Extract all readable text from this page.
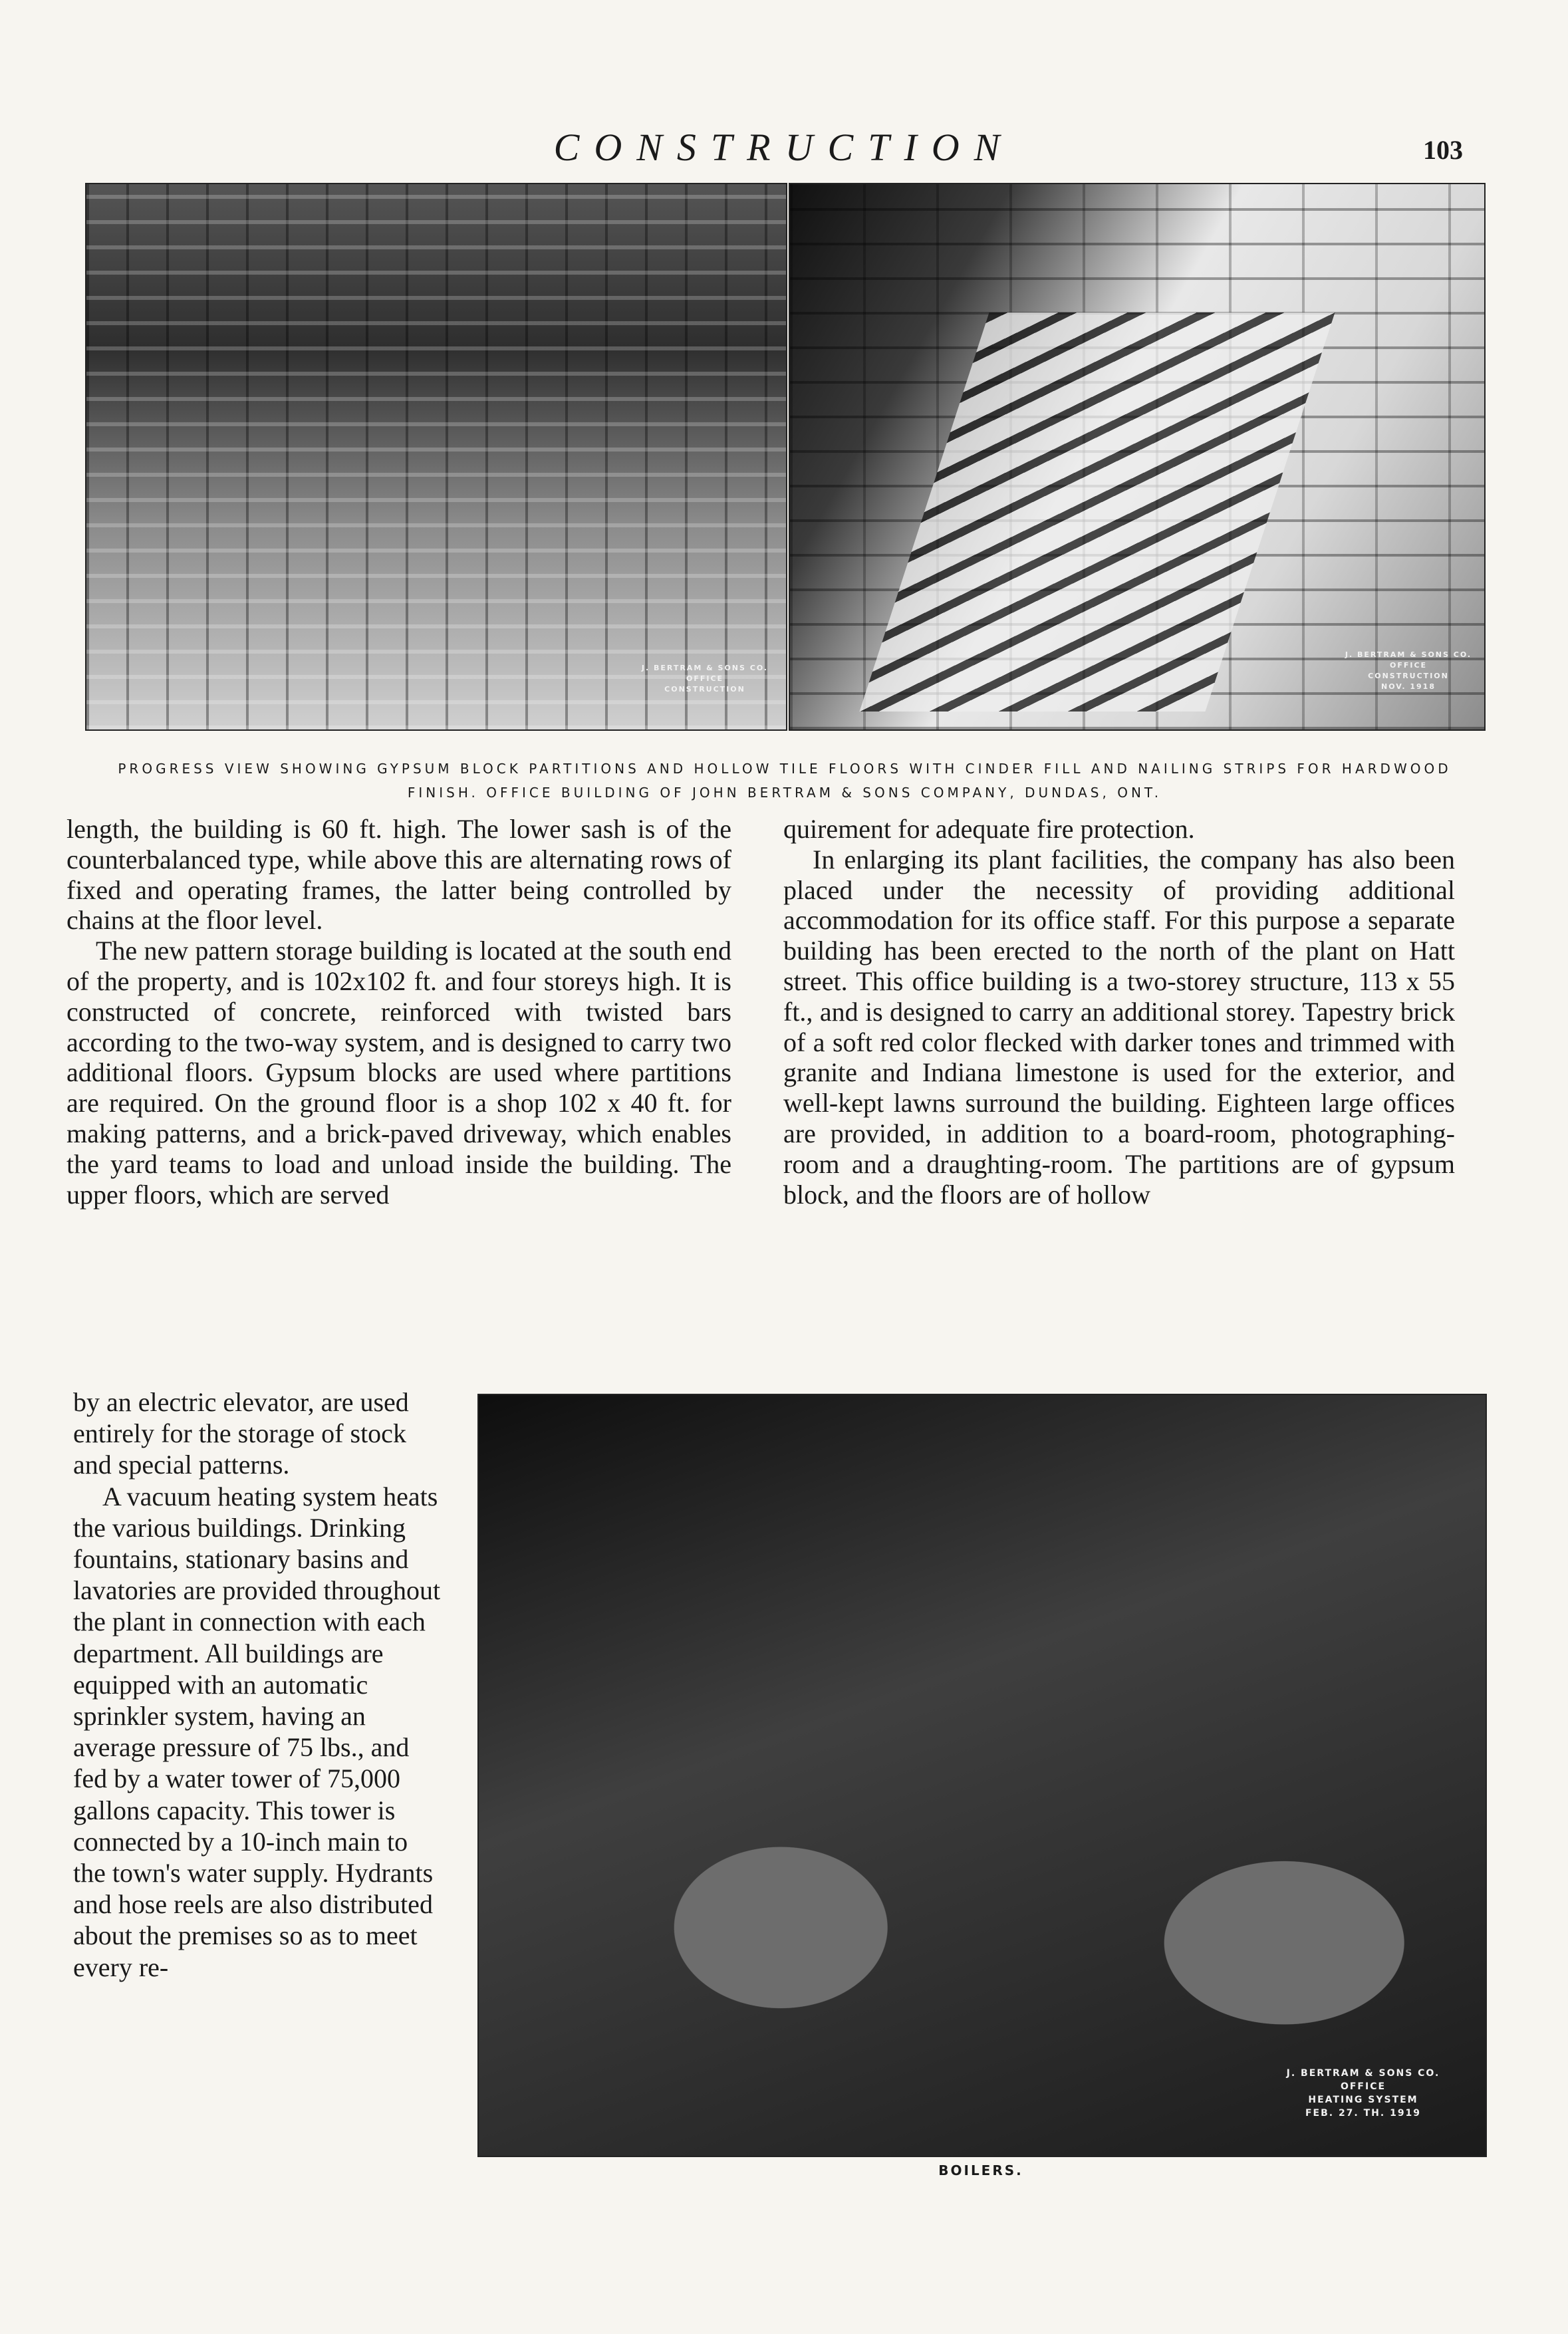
CONSTRUCTION	103
J. BERTRAM & SONS CO.
OFFICE
CONSTRUCTION
J. BERTRAM & SONS CO.
OFFICE
CONSTRUCTION
NOV. 1918
PROGRESS VIEW SHOWING GYPSUM BLOCK PARTITIONS AND HOLLOW TILE FLOORS WITH CINDER FILL AND NAILING STRIPS FOR HARDWOOD FINISH. OFFICE BUILDING OF JOHN BERTRAM & SONS COMPANY, DUNDAS, ONT.

length, the building is 60 ft. high. The lower sash is of the counterbalanced type, while above this are alternating rows of fixed and operating frames, the latter being controlled by chains at the floor level.

The new pattern storage building is located at the south end of the property, and is 102x102 ft. and four storeys high. It is constructed of concrete, reinforced with twisted bars according to the two-way system, and is designed to carry two additional floors. Gypsum blocks are used where partitions are required. On the ground floor is a shop 102 x 40 ft. for making patterns, and a brick-paved driveway, which enables the yard teams to load and unload inside the building. The upper floors, which are served

by an electric elevator, are used entirely for the storage of stock and special patterns.

A vacuum heating system heats the various buildings. Drinking fountains, stationary basins and lavatories are provided throughout the plant in connection with each department. All buildings are equipped with an automatic sprinkler system, having an average pressure of 75 lbs., and fed by a water tower of 75,000 gallons capacity. This tower is connected by a 10-inch main to the town's water supply. Hydrants and hose reels are also distributed about the premises so as to meet every re-

quirement for adequate fire protection.

In enlarging its plant facilities, the company has also been placed under the necessity of providing additional accommodation for its office staff. For this purpose a separate building has been erected to the north of the plant on Hatt street. This office building is a two-storey structure, 113 x 55 ft., and is designed to carry an additional storey. Tapestry brick of a soft red color flecked with darker tones and trimmed with granite and Indiana limestone is used for the exterior, and well-kept lawns surround the building. Eighteen large offices are provided, in addition to a board-room, photographing-room and a draughting-room. The partitions are of gypsum block, and the floors are of hollow

J. BERTRAM & SONS CO.
OFFICE
HEATING SYSTEM
FEB. 27. TH. 1919
BOILERS.
